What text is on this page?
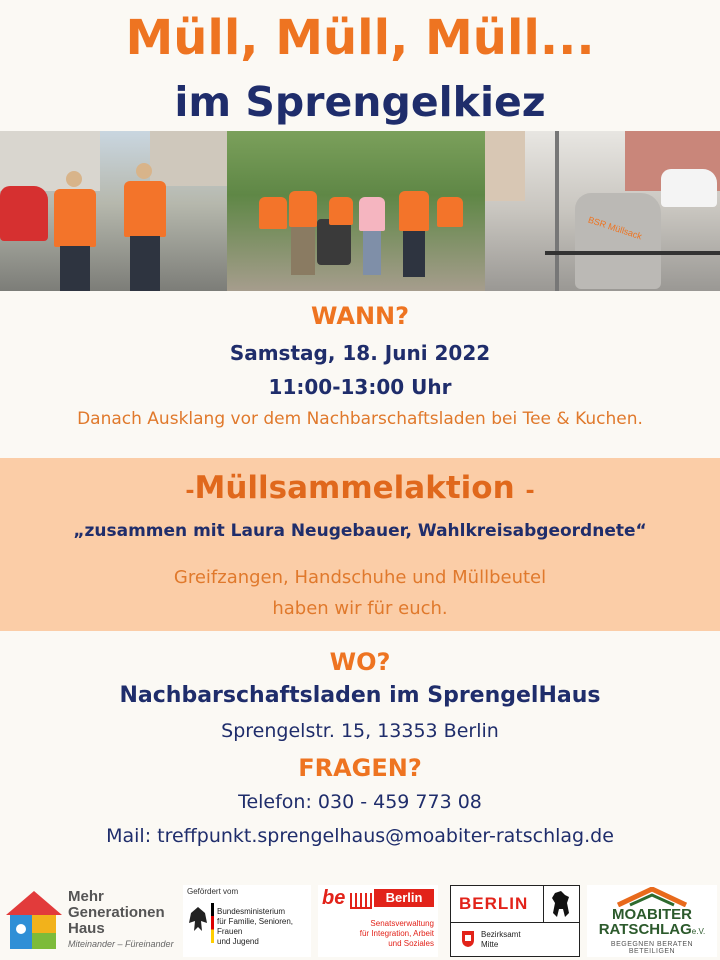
Müll, Müll, Müll...
im Sprengelkiez
BSR Müllsack
WANN?
Samstag, 18. Juni 2022
11:00-13:00 Uhr
Danach Ausklang vor dem Nachbarschaftsladen bei Tee & Kuchen.
-Müllsammelaktion -
„zusammen mit Laura Neugebauer, Wahlkreisabgeordnete“
Greifzangen, Handschuhe und Müllbeutel
haben wir für euch.
WO?
Nachbarschaftsladen im SprengelHaus
Sprengelstr. 15, 13353 Berlin
FRAGEN?
Telefon: 030 - 459 773 08
Mail: treffpunkt.sprengelhaus@moabiter-ratschlag.de
Mehr
Generationen
Haus
Miteinander – Füreinander
Gefördert vom
Bundesministerium
für Familie, Senioren, Frauen
und Jugend
be	Berlin
Senatsverwaltung
für Integration, Arbeit
und Soziales
BERLIN
Bezirksamt
Mitte
MOABITER
RATSCHLAGe.V.
BEGEGNEN BERATEN BETEILIGEN
